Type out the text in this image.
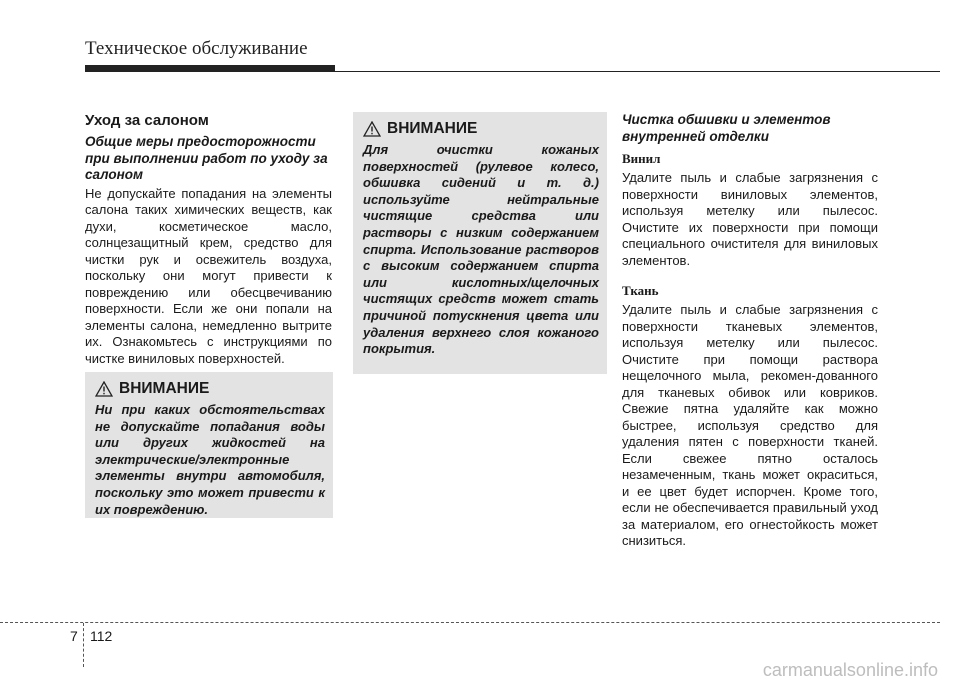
Техническое обслуживание
Уход за салоном
Общие меры предосторожности при выполнении работ по уходу за салоном

Не допускайте попадания на элементы салона таких химических веществ, как духи, косметическое масло, солнцезащитный крем, средство для чистки рук и освежитель воздуха, поскольку они могут привести к повреждению или обесцвечиванию поверхности. Если же они попали на элементы салона, немедленно вытрите их. Ознакомьтесь с инструкциями по чистке виниловых поверхностей.

ВНИМАНИЕ

Ни при каких обстоятельствах не допускайте попадания воды или других жидкостей на электрические/электронные элементы внутри автомобиля, поскольку это может привести к их повреждению.

ВНИМАНИЕ

Для очистки кожаных поверхностей (рулевое колесо, обшивка сидений и т. д.) используйте нейтральные чистящие средства или растворы с низким содержанием спирта. Использование растворов с высоким содержанием спирта или кислотных/щелочных чистящих средств может стать причиной потускнения цвета или удаления верхнего слоя кожаного покрытия.

Чистка обшивки и элементов внутренней отделки
Винил

Удалите пыль и слабые загрязнения с поверхности виниловых элементов, используя метелку или пылесос. Очистите их поверхности при помощи специального очистителя для виниловых элементов.

Ткань

Удалите пыль и слабые загрязнения с поверхности тканевых элементов, используя метелку или пылесос. Очистите при помощи раствора нещелочного мыла, рекомен-дованного для тканевых обивок или ковриков. Свежие пятна удаляйте как можно быстрее, используя средство для удаления пятен с поверхности тканей. Если свежее пятно осталось незамеченным, ткань может окраситься, и ее цвет будет испорчен. Кроме того, если не обеспечивается правильный уход за материалом, его огнестойкость может снизиться.

7 112
carmanualsonline.info
